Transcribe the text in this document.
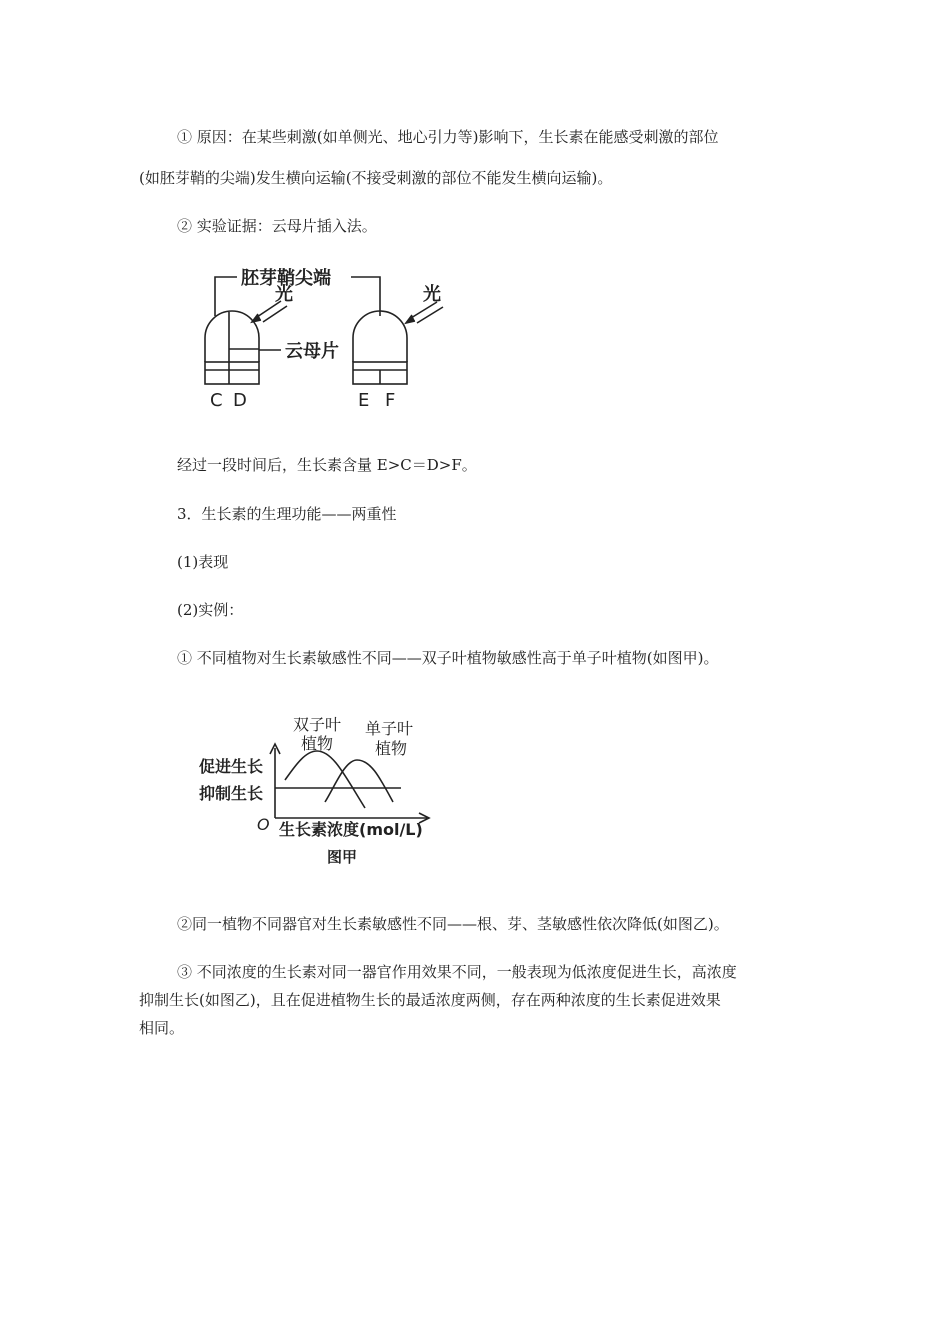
① 原因：在某些刺激(如单侧光、地心引力等)影响下，生长素在能感受刺激的部位
(如胚芽鞘的尖端)发生横向运输(不接受刺激的部位不能发生横向运输)。
② 实验证据：云母片插入法。
胚芽鞘尖端
光	光
云母片
C D	E F
经过一段时间后，生长素含量 E>C＝D>F。
3．生长素的生理功能——两重性
(1)表现
(2)实例：
① 不同植物对生长素敏感性不同——双子叶植物敏感性高于单子叶植物(如图甲)。
双子叶
植物
单子叶
植物
促进生长
抑制生长
O 生长素浓度(mol/L)
图甲
②同一植物不同器官对生长素敏感性不同——根、芽、茎敏感性依次降低(如图乙)。
③ 不同浓度的生长素对同一器官作用效果不同，一般表现为低浓度促进生长，高浓度
抑制生长(如图乙)，且在促进植物生长的最适浓度两侧，存在两种浓度的生长素促进效果
相同。
